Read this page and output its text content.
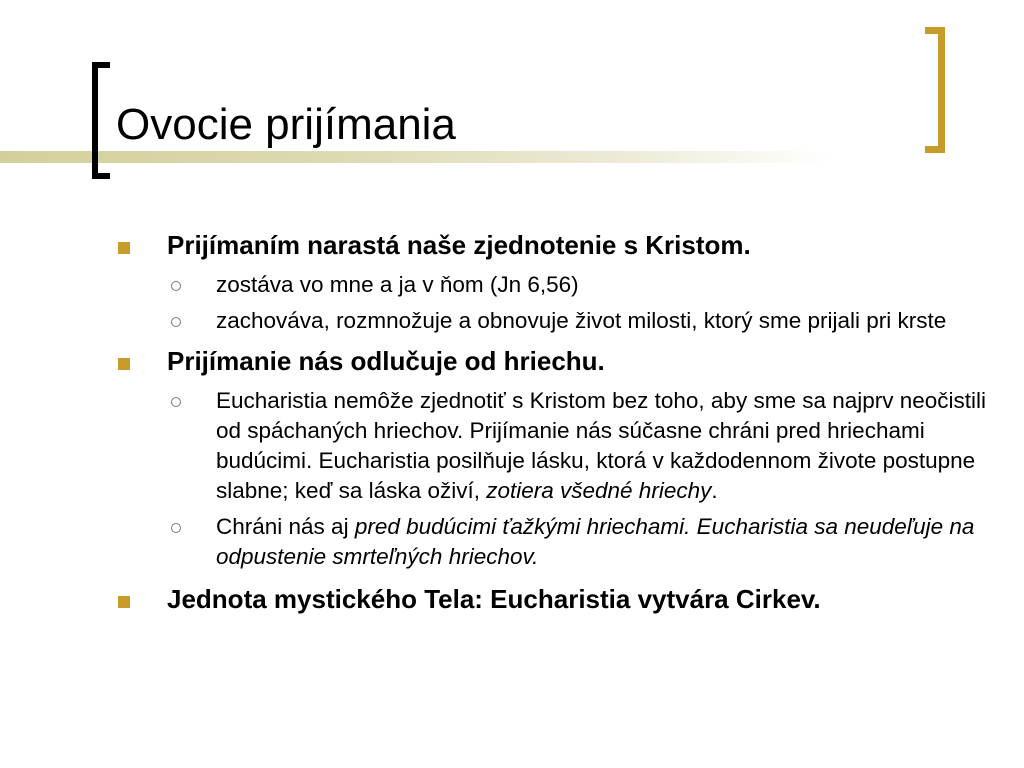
Ovocie prijímania
Prijímaním narastá naše zjednotenie s Kristom.
zostáva vo mne a ja v ňom (Jn 6,56)
zachováva, rozmnožuje a obnovuje život milosti, ktorý sme prijali pri krste
Prijímanie nás odlučuje od hriechu.
Eucharistia nemôže zjednotiť s Kristom bez toho, aby sme sa najprv neočistili od spáchaných hriechov. Prijímanie nás súčasne chráni pred hriechami budúcimi. Eucharistia posilňuje lásku, ktorá v každodennom živote postupne slabne; keď sa láska oživí, zotiera všedné hriechy.
Chráni nás aj pred budúcimi ťažkými hriechami. Eucharistia sa neudeľuje na odpustenie smrteľných hriechov.
Jednota mystického Tela: Eucharistia vytvára Cirkev.
